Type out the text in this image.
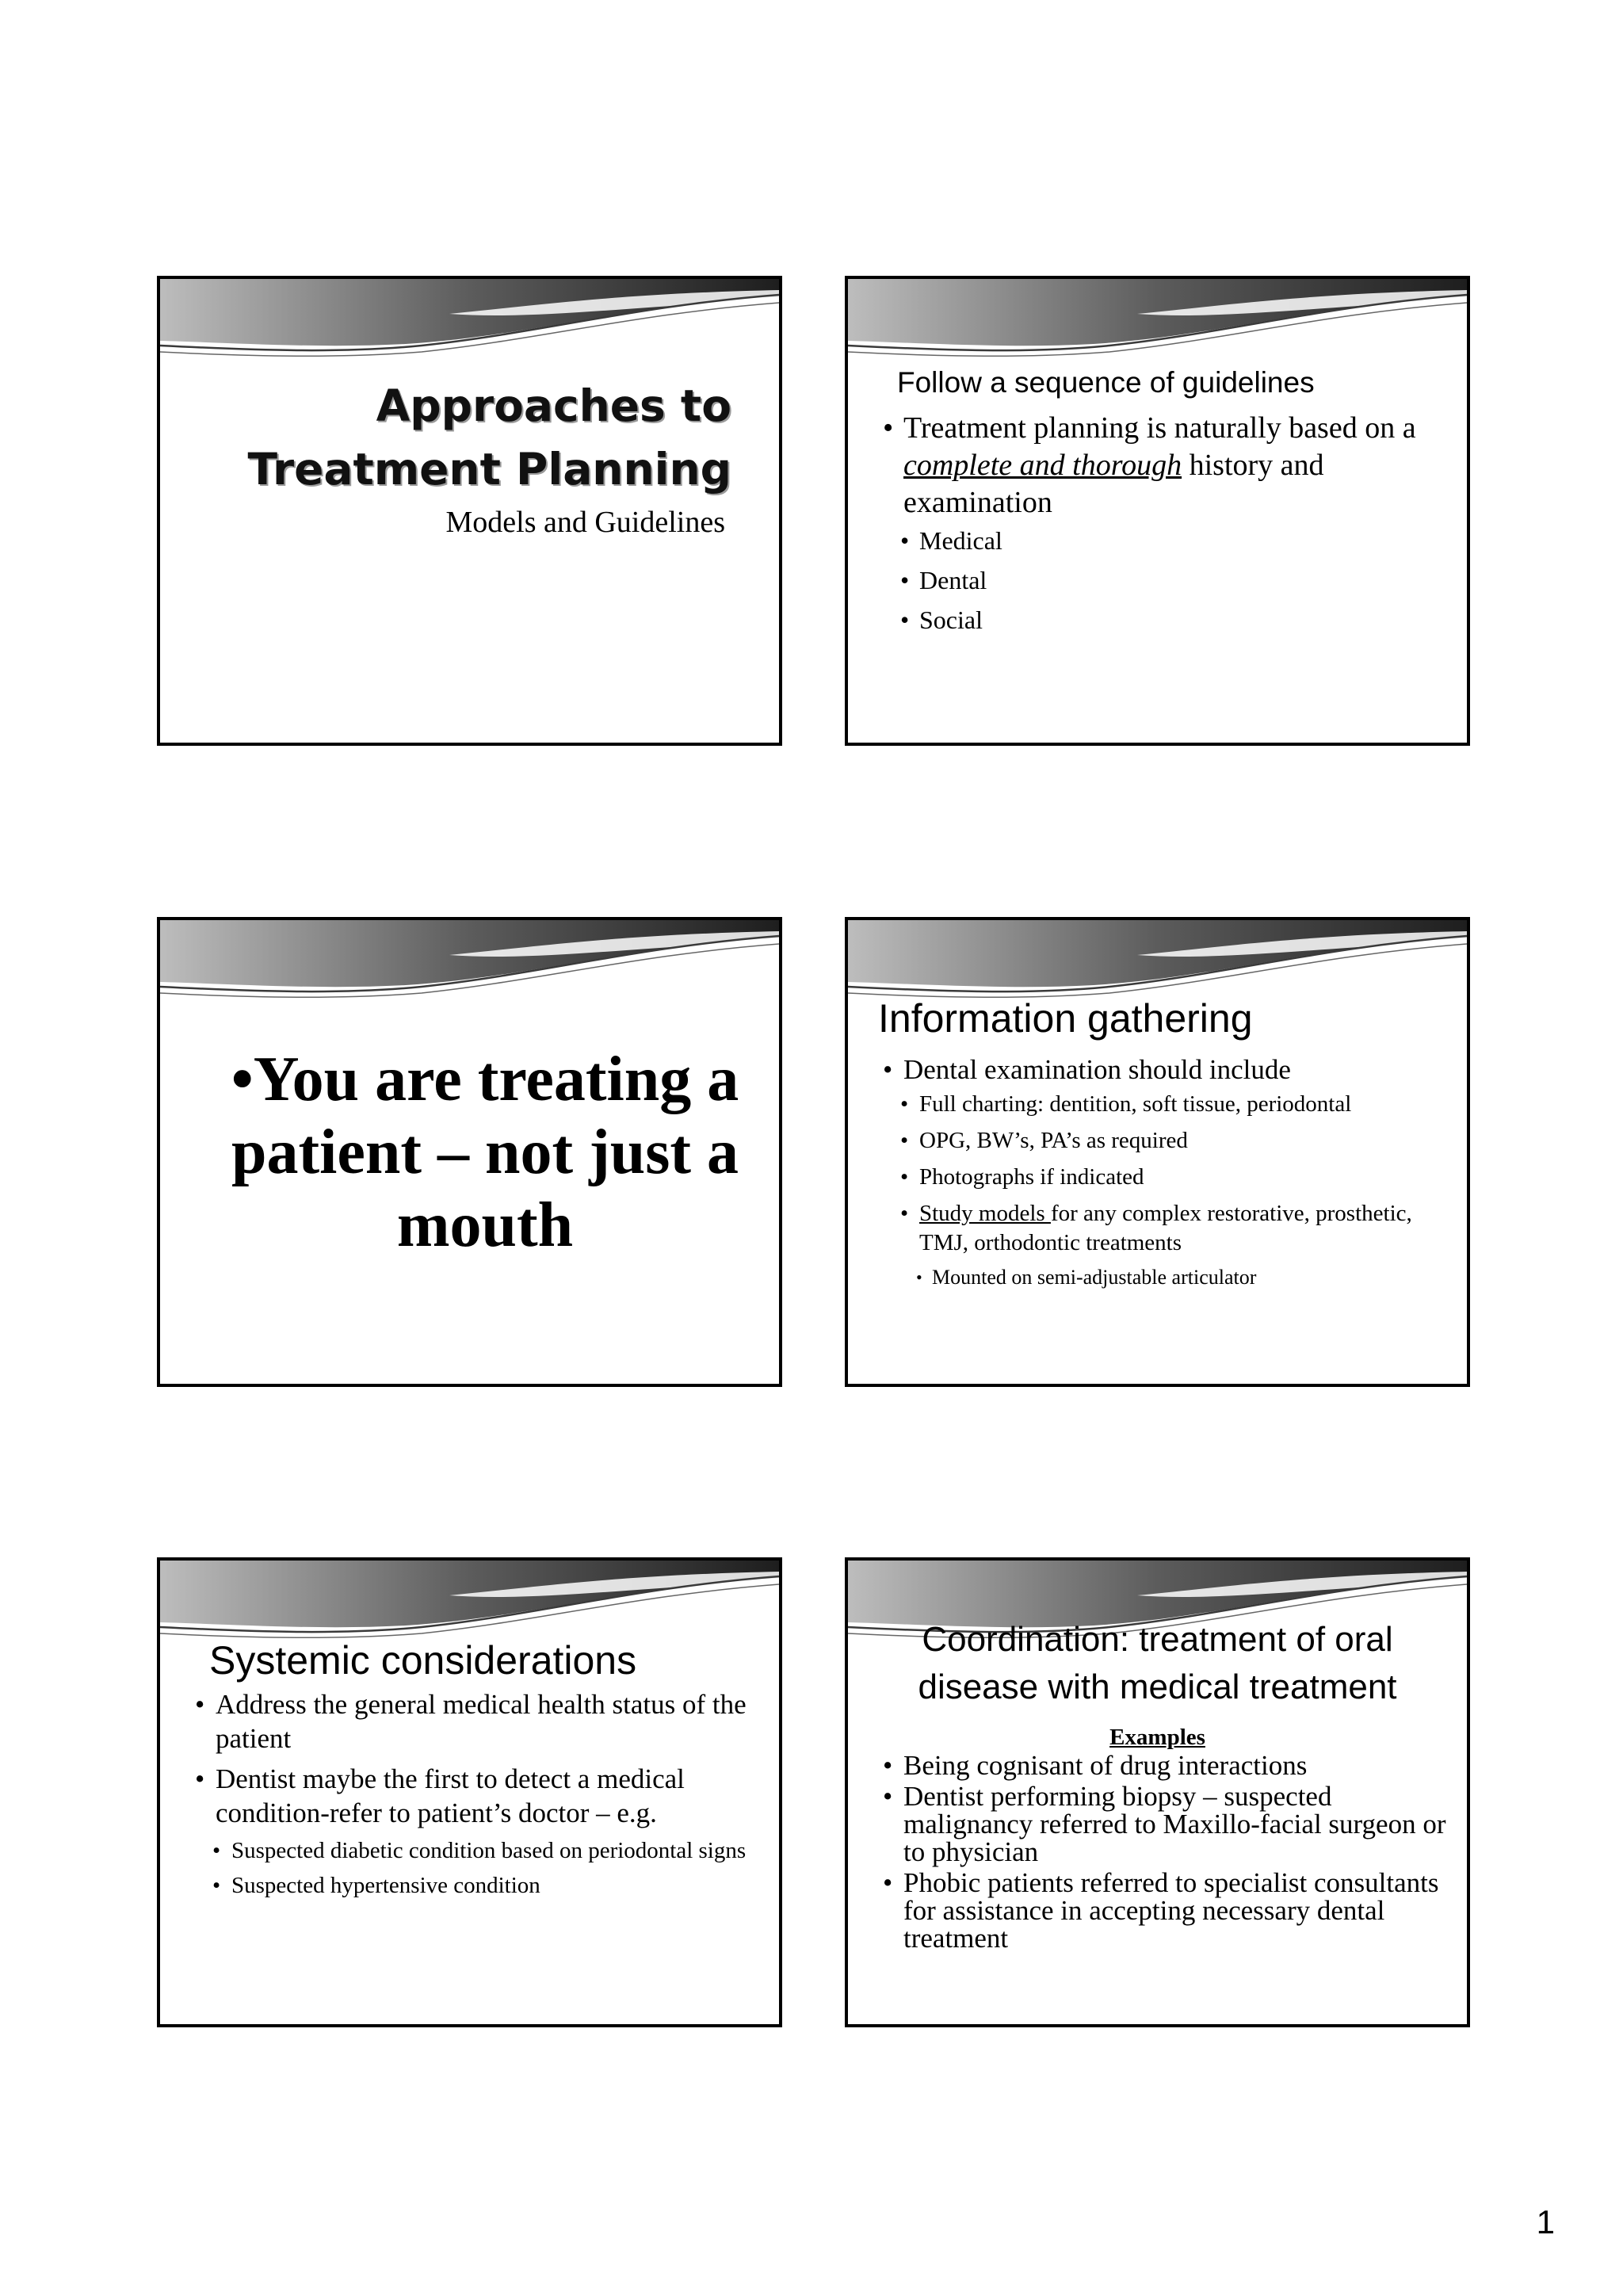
Approaches to
Treatment Planning
Models and Guidelines
Follow a sequence of guidelines
• Treatment planning is naturally based on a complete and thorough history and examination
• Medical
• Dental
• Social
•You are treating a patient – not just a mouth
Information gathering
• Dental examination should include
• Full charting: dentition, soft tissue, periodontal
• OPG, BW’s, PA’s as required
• Photographs if indicated
• Study models for any complex restorative, prosthetic, TMJ, orthodontic treatments
• Mounted on semi-adjustable articulator
Systemic considerations
• Address the general medical health status of the patient
• Dentist maybe the first to detect a medical condition-refer to patient’s doctor – e.g.
• Suspected diabetic condition based on periodontal signs
• Suspected hypertensive condition
Coordination: treatment of oral
disease with medical treatment
Examples
• Being cognisant of drug interactions
• Dentist performing biopsy – suspected malignancy referred to Maxillo-facial surgeon or to physician
• Phobic patients referred to specialist consultants for assistance in accepting necessary dental treatment
1
